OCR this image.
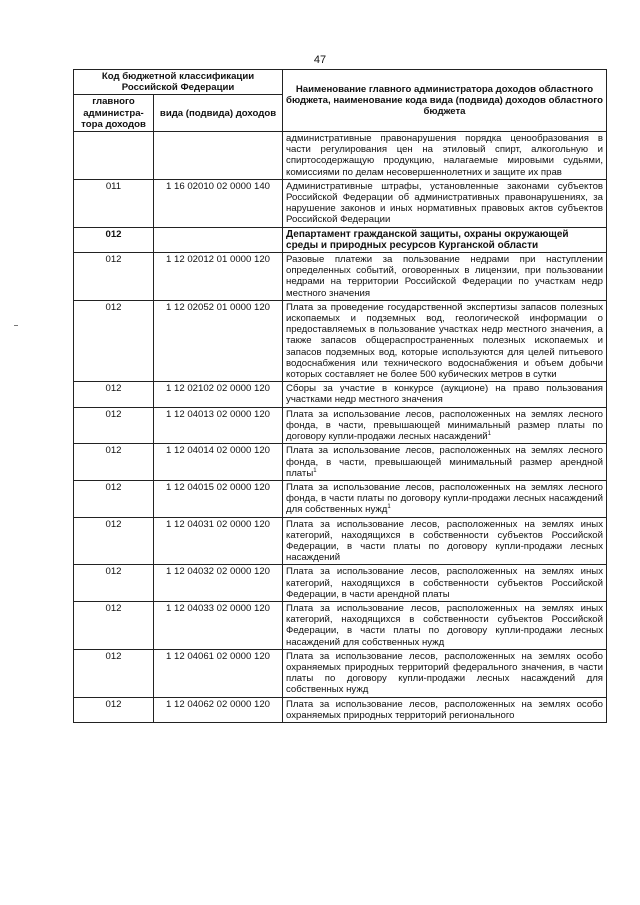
47
Код бюджетной классификации Российской Федерации		Наименование главного администратора доходов областного бюджета, наименование кода вида (подвида) доходов областного бюджета
главного администра-тора доходов	вида (подвида) доходов	
		административные правонарушения порядка ценообразования в части регулирования цен на этиловый спирт, алкогольную и спиртосодержащую продукцию, налагаемые мировыми судьями, комиссиями по делам несовершеннолетних и защите их прав
011	1 16 02010 02 0000 140	Административные штрафы, установленные законами субъектов Российской Федерации об административных правонарушениях, за нарушение законов и иных нормативных правовых актов субъектов Российской Федерации
012		Департамент гражданской защиты, охраны окружающей среды и природных ресурсов Курганской области
012	1 12 02012 01 0000 120	Разовые платежи за пользование недрами при наступлении определенных событий, оговоренных в лицензии, при пользовании недрами на территории Российской Федерации по участкам недр местного значения
012	1 12 02052 01 0000 120	Плата за проведение государственной экспертизы запасов полезных ископаемых и подземных вод, геологической информации о предоставляемых в пользование участках недр местного значения, а также запасов общераспространенных полезных ископаемых и запасов подземных вод, которые используются для целей питьевого водоснабжения или технического водоснабжения и объем добычи которых составляет не более 500 кубических метров в сутки
012	1 12 02102 02 0000 120	Сборы за участие в конкурсе (аукционе) на право пользования участками недр местного значения
012	1 12 04013 02 0000 120	Плата за использование лесов, расположенных на землях лесного фонда, в части, превышающей минимальный размер платы по договору купли-продажи лесных насаждений$^1$
012	1 12 04014 02 0000 120	Плата за использование лесов, расположенных на землях лесного фонда, в части, превышающей минимальный размер арендной платы$^1$
012	1 12 04015 02 0000 120	Плата за использование лесов, расположенных на землях лесного фонда, в части платы по договору купли-продажи лесных насаждений для собственных нужд$^1$
012	1 12 04031 02 0000 120	Плата за использование лесов, расположенных на землях иных категорий, находящихся в собственности субъектов Российской Федерации, в части платы по договору купли-продажи лесных насаждений
012	1 12 04032 02 0000 120	Плата за использование лесов, расположенных на землях иных категорий, находящихся в собственности субъектов Российской Федерации, в части арендной платы
012	1 12 04033 02 0000 120	Плата за использование лесов, расположенных на землях иных категорий, находящихся в собственности субъектов Российской Федерации, в части платы по договору купли-продажи лесных насаждений для собственных нужд
012	1 12 04061 02 0000 120	Плата за использование лесов, расположенных на землях особо охраняемых природных территорий федерального значения, в части платы по договору купли-продажи лесных насаждений для собственных нужд
012	1 12 04062 02 0000 120	Плата за использование лесов, расположенных на землях особо охраняемых природных территорий регионального
